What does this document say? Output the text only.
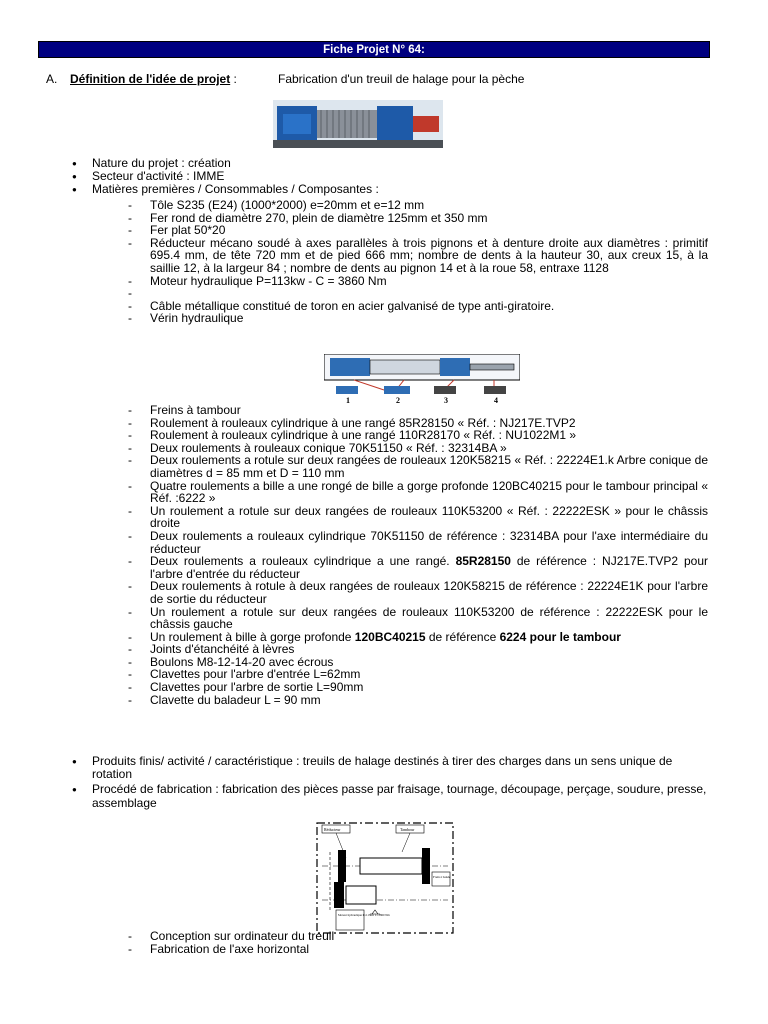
Fiche Projet N° 64:
A. Définition de l'idée de projet :	Fabrication d'un treuil de halage pour la pèche
● Nature du projet : création
● Secteur d'activité : IMME
● Matières premières / Consommables / Composantes :
- Tôle S235 (E24) (1000*2000) e=20mm et e=12 mm
- Fer rond de diamètre 270, plein de diamètre 125mm et 350 mm
- Fer plat 50*20
- Réducteur mécano soudé à axes parallèles à trois pignons et à denture droite aux diamètres : primitif 695.4 mm, de tête 720 mm et de pied 666 mm; nombre de dents à la hauteur 30, aux creux 15, à la saillie 12, à la largeur 84 ; nombre de dents au pignon 14 et à la roue 58, entraxe 1128
- Moteur hydraulique P=113kw - C = 3860 Nm
-
- Câble métallique constitué de toron en acier galvanisé de type anti-giratoire.
- Vérin hydraulique
1	2	3	4
- Freins à tambour
- Roulement à rouleaux cylindrique à une rangé 85R28150 « Réf. : NJ217E.TVP2
- Roulement à rouleaux cylindrique à une rangé 110R28170 « Réf. : NU1022M1 »
- Deux roulements à rouleaux conique 70K51150 « Réf. : 32314BA »
- Deux roulements a rotule sur deux rangées de rouleaux 120K58215 « Réf. : 22224E1.k Arbre conique de diamètres d = 85 mm et D = 110 mm
- Quatre roulements a bille a une rongé de bille a gorge profonde 120BC40215 pour le tambour principal « Réf. :6222 »
- Un roulement a rotule sur deux rangées de rouleaux 110K53200 « Réf. : 22222ESK » pour le châssis droite
- Deux roulements a rouleaux cylindrique 70K51150 de référence : 32314BA pour l'axe intermédiaire du réducteur
- Deux roulements a rouleaux cylindrique a une rangé. 85R28150 de référence : NJ217E.TVP2 pour l'arbre d'entrée du réducteur
- Deux roulements à rotule à deux rangées de rouleaux 120K58215 de référence : 22224E1K pour l'arbre de sortie du réducteur
- Un roulement a rotule sur deux rangées de rouleaux 110K53200 de référence : 22222ESK pour le châssis gauche
- Un roulement à bille à gorge profonde 120BC40215 de référence 6224 pour le tambour
- Joints d'étanchéité à lèvres
- Boulons M8-12-14-20 avec écrous
- Clavettes pour l'arbre d'entrée L=62mm
- Clavettes pour l'arbre de sortie L=90mm
- Clavette du baladeur L = 90 mm
● Produits finis/ activité / caractéristique : treuils de halage destinés à tirer des charges dans un sens unique de rotation
● Procédé de fabrication : fabrication des pièces passe par fraisage, tournage, découpage, perçage, soudure, presse, assemblage
Réducteur	Tambour
Frein à bande
Moteur hydraulique P=113kw C=3860 Nm
- Conception sur ordinateur du treuil
- Fabrication de l'axe horizontal
